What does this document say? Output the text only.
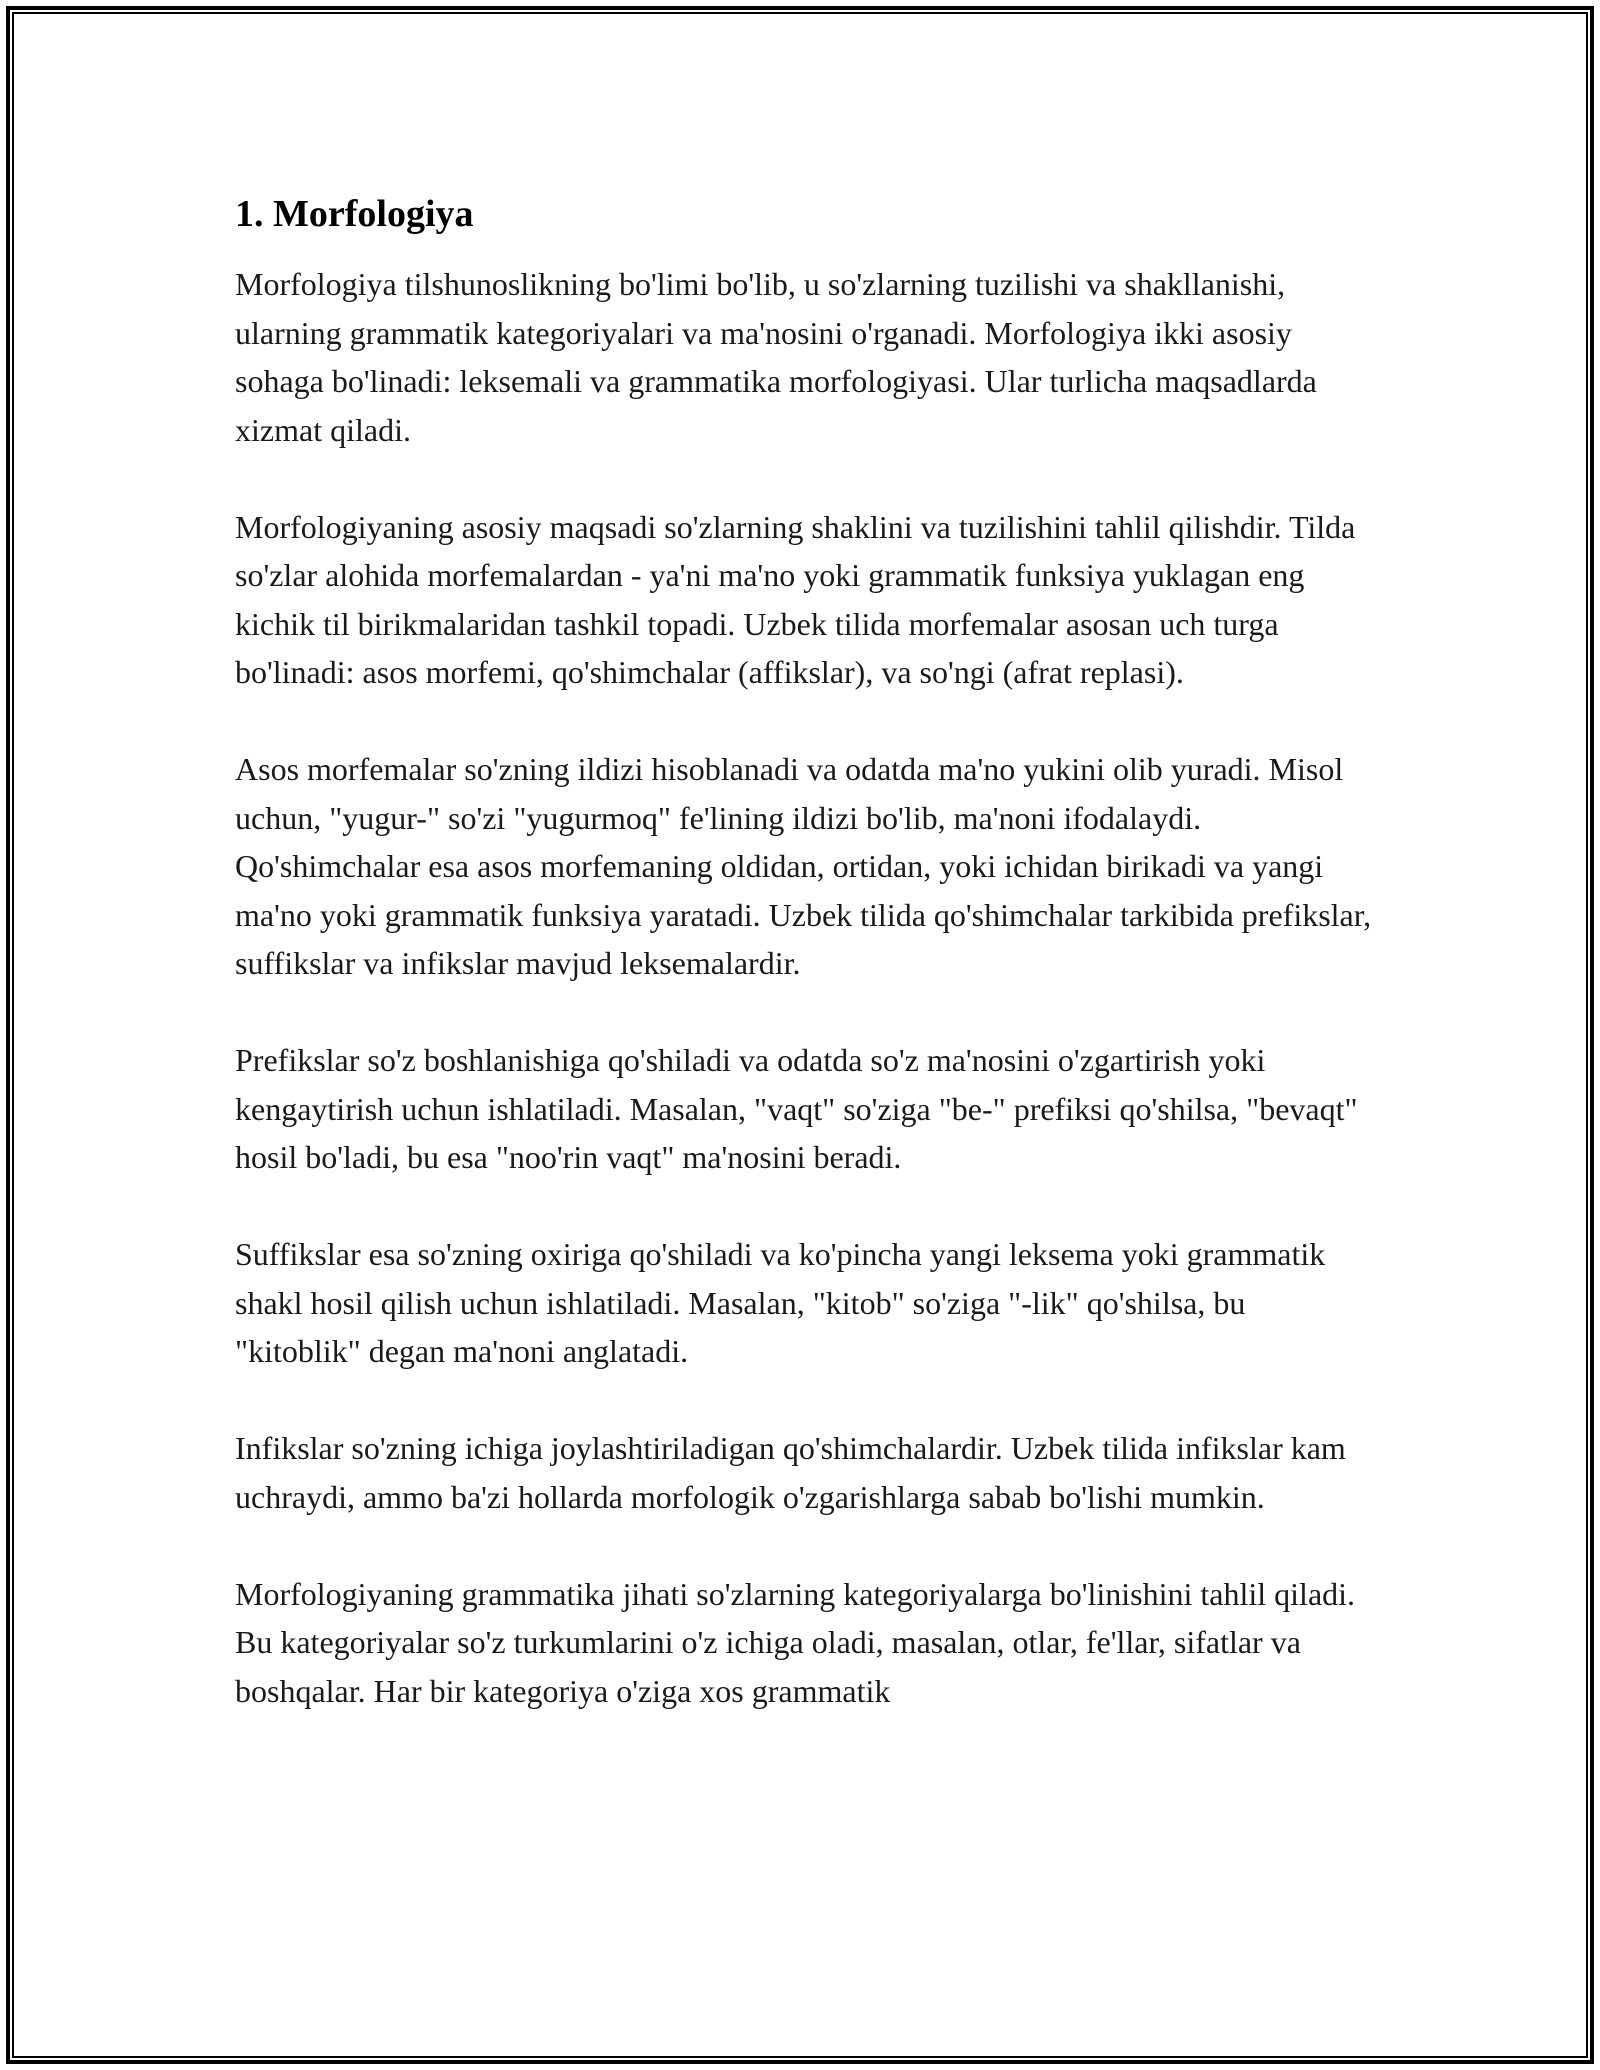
1. Morfologiya

Morfologiya tilshunoslikning bo'limi bo'lib, u so'zlarning tuzilishi va shakllanishi, ularning grammatik kategoriyalari va ma'nosini o'rganadi. Morfologiya ikki asosiy sohaga bo'linadi: leksemali va grammatika morfologiyasi. Ular turlicha maqsadlarda xizmat qiladi.

Morfologiyaning asosiy maqsadi so'zlarning shaklini va tuzilishini tahlil qilishdir. Tilda so'zlar alohida morfemalardan - ya'ni ma'no yoki grammatik funksiya yuklagan eng kichik til birikmalaridan tashkil topadi. Uzbek tilida morfemalar asosan uch turga bo'linadi: asos morfemi, qo'shimchalar (affikslar), va so'ngi (afrat replasi).

Asos morfemalar so'zning ildizi hisoblanadi va odatda ma'no yukini olib yuradi. Misol uchun, "yugur-" so'zi "yugurmoq" fe'lining ildizi bo'lib, ma'noni ifodalaydi. Qo'shimchalar esa asos morfemaning oldidan, ortidan, yoki ichidan birikadi va yangi ma'no yoki grammatik funksiya yaratadi. Uzbek tilida qo'shimchalar tarkibida prefikslar, suffikslar va infikslar mavjud leksemalardir.

Prefikslar so'z boshlanishiga qo'shiladi va odatda so'z ma'nosini o'zgartirish yoki kengaytirish uchun ishlatiladi. Masalan, "vaqt" so'ziga "be-" prefiksi qo'shilsa, "bevaqt" hosil bo'ladi, bu esa "noo'rin vaqt" ma'nosini beradi.

Suffikslar esa so'zning oxiriga qo'shiladi va ko'pincha yangi leksema yoki grammatik shakl hosil qilish uchun ishlatiladi. Masalan, "kitob" so'ziga "-lik" qo'shilsa, bu "kitoblik" degan ma'noni anglatadi.

Infikslar so'zning ichiga joylashtiriladigan qo'shimchalardir. Uzbek tilida infikslar kam uchraydi, ammo ba'zi hollarda morfologik o'zgarishlarga sabab bo'lishi mumkin.

Morfologiyaning grammatika jihati so'zlarning kategoriyalarga bo'linishini tahlil qiladi. Bu kategoriyalar so'z turkumlarini o'z ichiga oladi, masalan, otlar, fe'llar, sifatlar va boshqalar. Har bir kategoriya o'ziga xos grammatik
